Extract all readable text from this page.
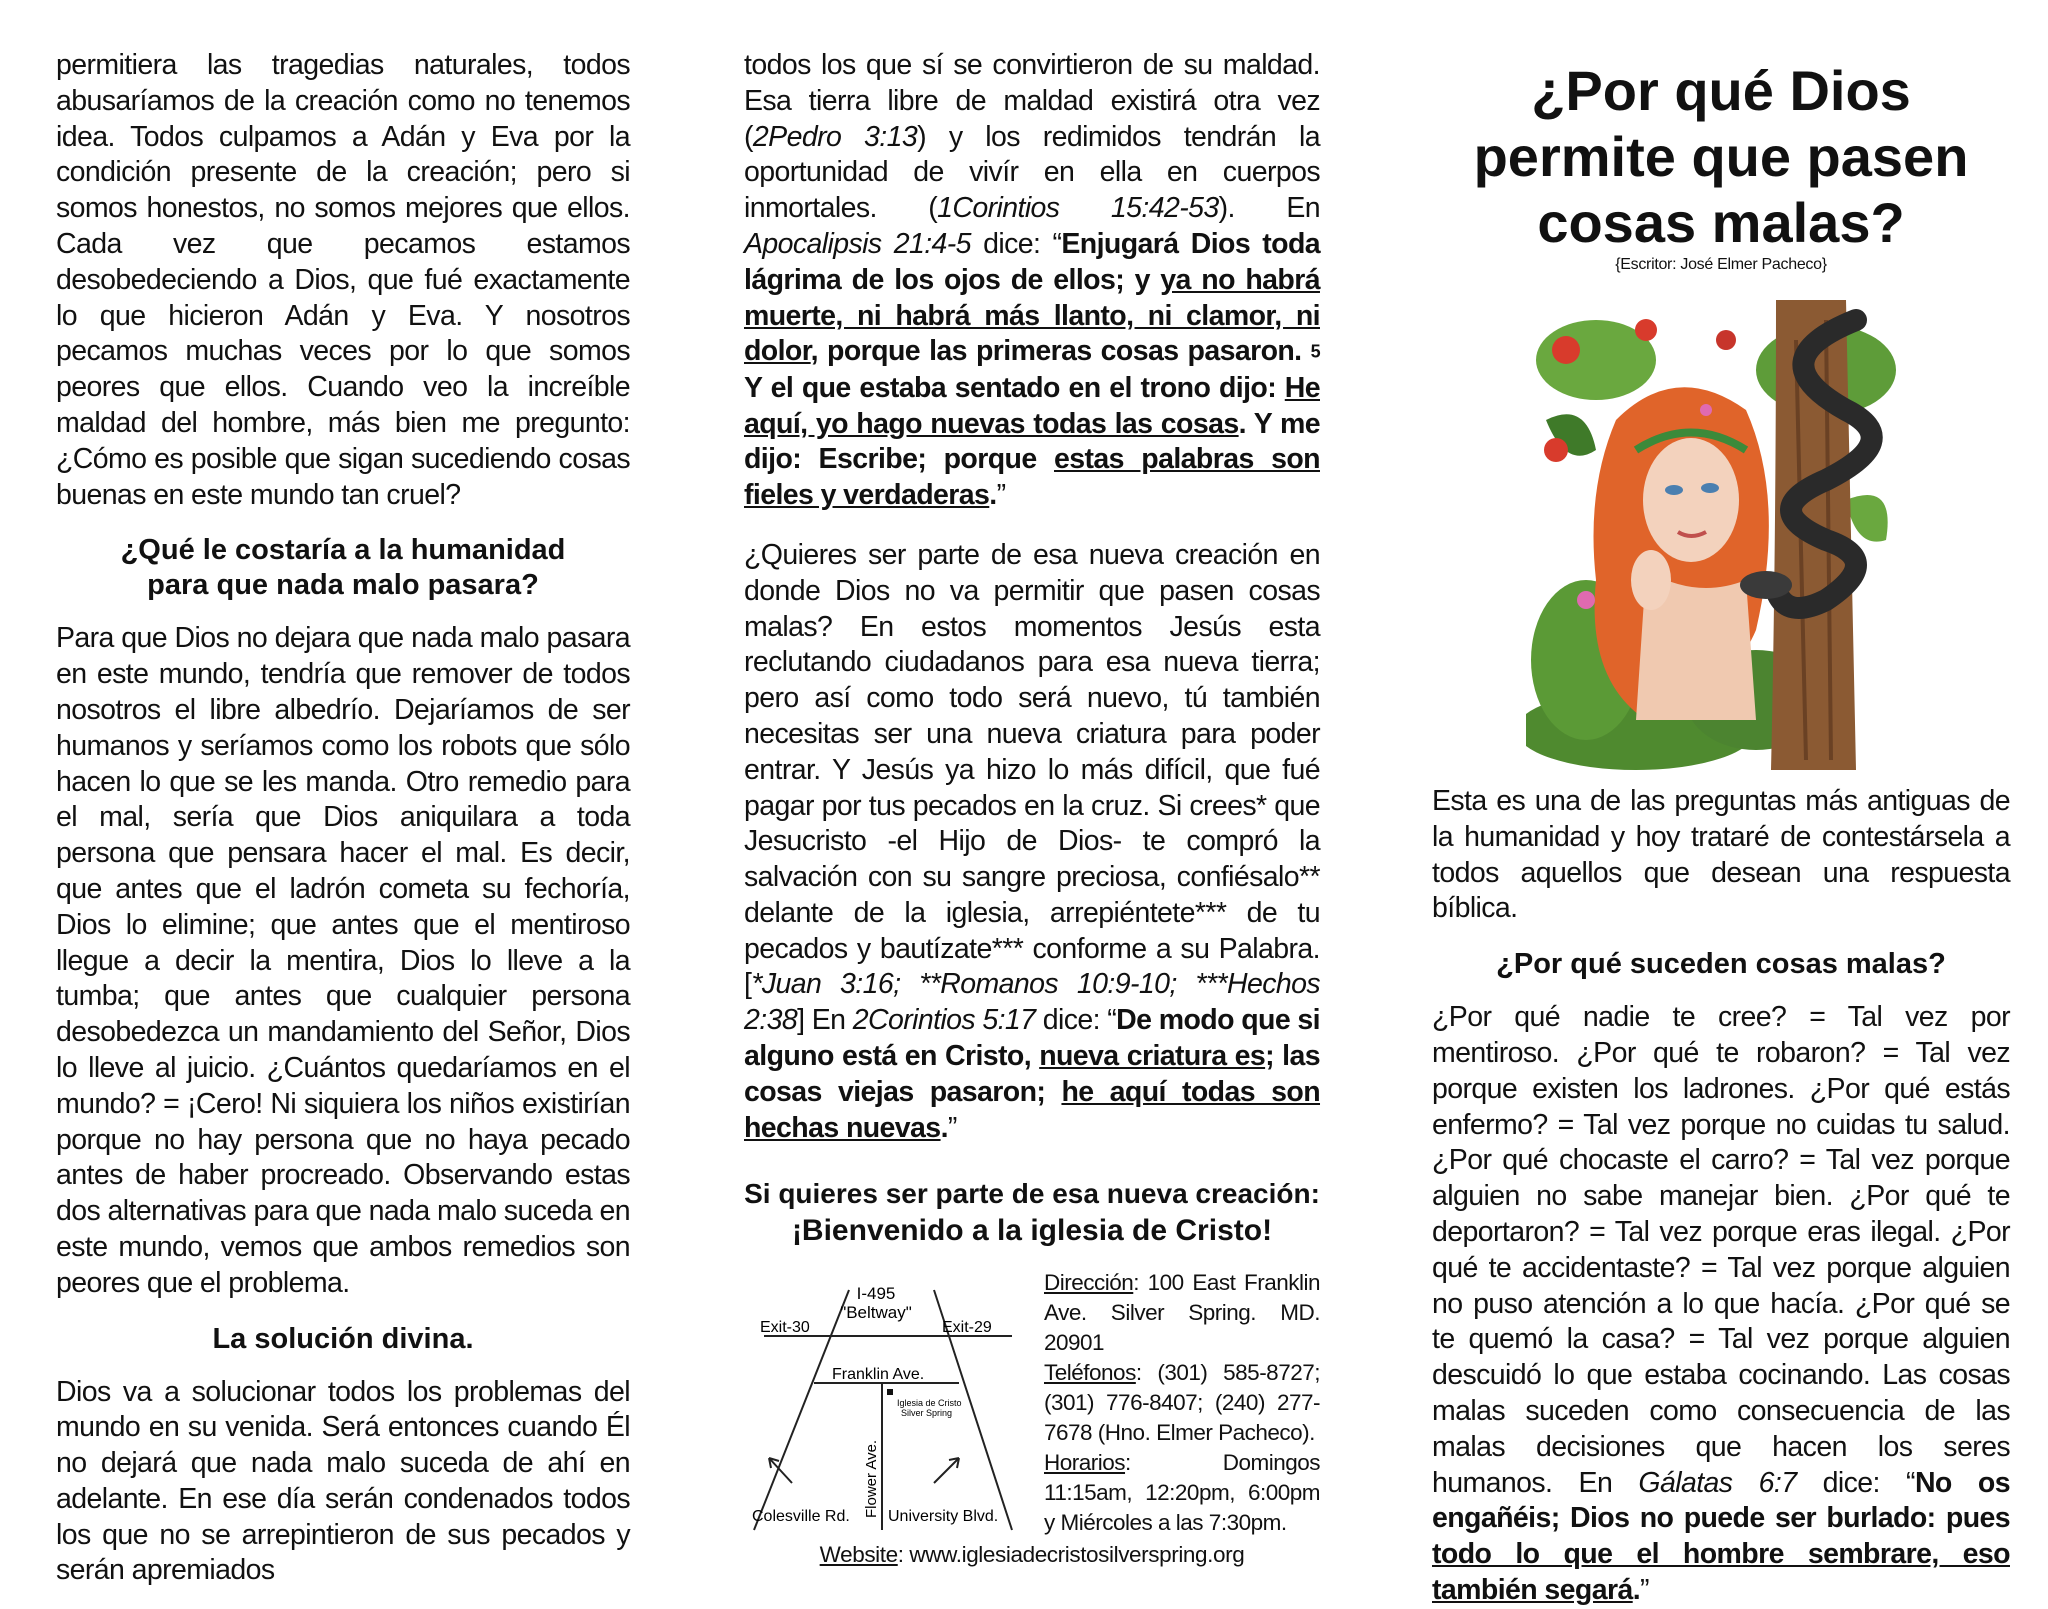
permitiera las tragedias naturales, todos abusaríamos de la creación como no tenemos idea. Todos culpamos a Adán y Eva por la condición presente de la creación; pero si somos honestos, no somos mejores que ellos. Cada vez que pecamos estamos desobedeciendo a Dios, que fué exactamente lo que hicieron Adán y Eva. Y nosotros pecamos muchas veces por lo que somos peores que ellos. Cuando veo la increíble maldad del hombre, más bien me pregunto: ¿Cómo es posible que sigan sucediendo cosas buenas en este mundo tan cruel?

¿Qué le costaría a la humanidad
para que nada malo pasara?

Para que Dios no dejara que nada malo pasara en este mundo, tendría que remover de todos nosotros el libre albedrío. Dejaríamos de ser humanos y seríamos como los robots que sólo hacen lo que se les manda. Otro remedio para el mal, sería que Dios aniquilara a toda persona que pensara hacer el mal. Es decir, que antes que el ladrón cometa su fechoría, Dios lo elimine; que antes que el mentiroso llegue a decir la mentira, Dios lo lleve a la tumba; que antes que cualquier persona desobedezca un mandamiento del Señor, Dios lo lleve al juicio. ¿Cuántos quedaríamos en el mundo? = ¡Cero! Ni siquiera los niños existirían porque no hay persona que no haya pecado antes de haber procreado. Observando estas dos alternativas para que nada malo suceda en este mundo, vemos que ambos remedios son peores que el problema.

La solución divina.

Dios va a solucionar todos los problemas del mundo en su venida. Será entonces cuando Él no dejará que nada malo suceda de ahí en adelante. En ese día serán condenados todos los que no se arrepintieron de sus pecados y serán apremiados

todos los que sí se convirtieron de su maldad. Esa tierra libre de maldad existirá otra vez (2Pedro 3:13) y los redimidos tendrán la oportunidad de vivír en ella en cuerpos inmortales. (1Corintios 15:42-53). En Apocalipsis 21:4-5 dice: “Enjugará Dios toda lágrima de los ojos de ellos; y ya no habrá muerte, ni habrá más llanto, ni clamor, ni dolor, porque las primeras cosas pasaron. 5 Y el que estaba sentado en el trono dijo: He aquí, yo hago nuevas todas las cosas. Y me dijo: Escribe; porque estas palabras son fieles y verdaderas.”

¿Quieres ser parte de esa nueva creación en donde Dios no va permitir que pasen cosas malas? En estos momentos Jesús esta reclutando ciudadanos para esa nueva tierra; pero así como todo será nuevo, tú también necesitas ser una nueva criatura para poder entrar. Y Jesús ya hizo lo más difícil, que fué pagar por tus pecados en la cruz. Si crees* que Jesucristo -el Hijo de Dios- te compró la salvación con su sangre preciosa, confiésalo** delante de la iglesia, arrepiéntete*** de tu pecados y bautízate*** conforme a su Palabra. [*Juan 3:16; **Romanos 10:9-10; ***Hechos 2:38] En 2Corintios 5:17 dice: “De modo que si alguno está en Cristo, nueva criatura es; las cosas viejas pasaron; he aquí todas son hechas nuevas.”

Si quieres ser parte de esa nueva creación:
¡Bienvenido a la iglesia de Cristo!
I-495
"Beltway"
Exit-30	Exit-29
Franklin Ave.
Flower Ave.
Iglesia de Cristo
Silver Spring
Colesville Rd. University Blvd.
Dirección: 100 East Franklin Ave. Silver Spring. MD. 20901
Teléfonos: (301) 585-8727; (301) 776-8407; (240) 277-7678 (Hno. Elmer Pacheco).
Horarios: Domingos 11:15am, 12:20pm, 6:00pm y Miércoles a las 7:30pm.
Website: www.iglesiadecristosilverspring.org
¿Por qué Dios
permite que pasen
cosas malas?
{Escritor: José Elmer Pacheco}

Esta es una de las preguntas más antiguas de la humanidad y hoy trataré de contestársela a todos aquellos que desean una respuesta bíblica.

¿Por qué suceden cosas malas?

¿Por qué nadie te cree? = Tal vez por mentiroso. ¿Por qué te robaron? = Tal vez porque existen los ladrones. ¿Por qué estás enfermo? = Tal vez porque no cuidas tu salud. ¿Por qué chocaste el carro? = Tal vez porque alguien no sabe manejar bien. ¿Por qué te deportaron? = Tal vez porque eras ilegal. ¿Por qué te accidentaste? = Tal vez porque alguien no puso atención a lo que hacía. ¿Por qué se te quemó la casa? = Tal vez porque alguien descuidó lo que estaba cocinando. Las cosas malas suceden como consecuencia de las malas decisiones que hacen los seres humanos. En Gálatas 6:7 dice: “No os engañéis; Dios no puede ser burlado: pues todo lo que el hombre sembrare, eso también segará.”
